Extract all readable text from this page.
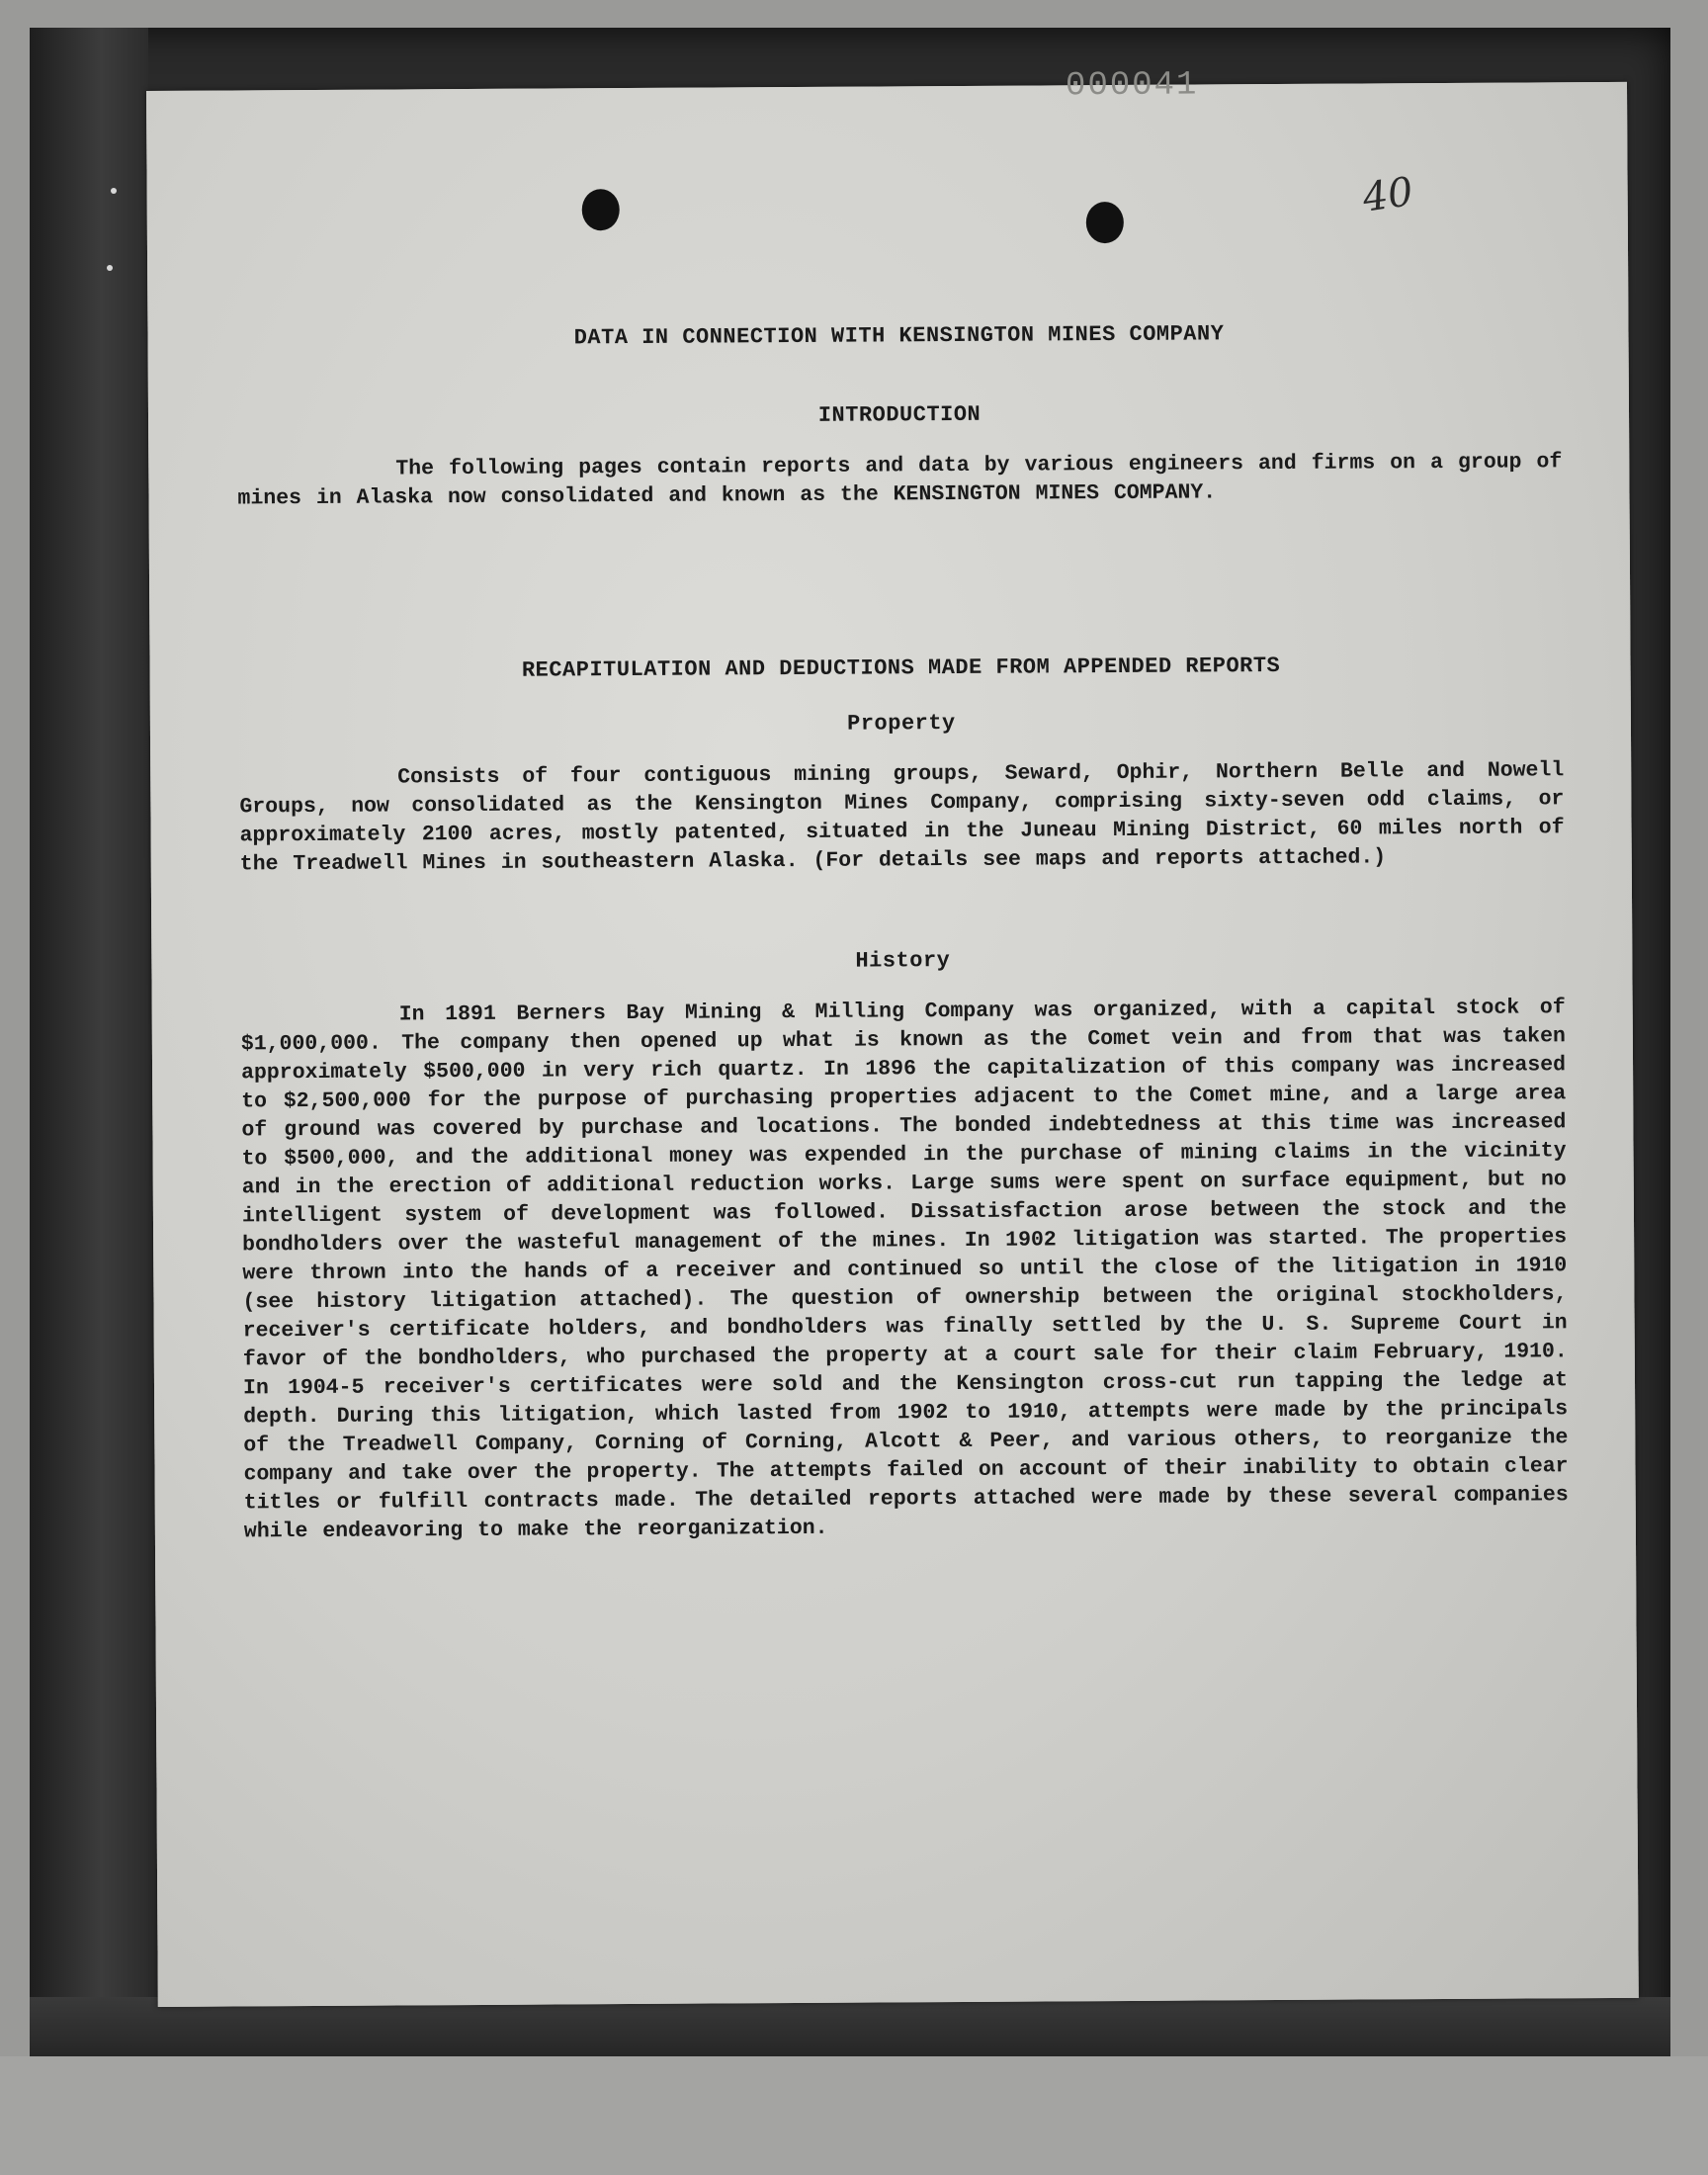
000041
40
DATA IN CONNECTION WITH KENSINGTON MINES COMPANY
INTRODUCTION
The following pages contain reports and data by various engineers and firms on a group of mines in Alaska now consolidated and known as the KENSINGTON MINES COMPANY.
RECAPITULATION AND DEDUCTIONS MADE FROM APPENDED REPORTS
Property
Consists of four contiguous mining groups, Seward, Ophir, Northern Belle and Nowell Groups, now consolidated as the Kensington Mines Company, comprising sixty-seven odd claims, or approximately 2100 acres, mostly patented, situated in the Juneau Mining District, 60 miles north of the Treadwell Mines in southeastern Alaska. (For details see maps and reports attached.)
History
In 1891 Berners Bay Mining & Milling Company was organized, with a capital stock of $1,000,000. The company then opened up what is known as the Comet vein and from that was taken approximately $500,000 in very rich quartz. In 1896 the capitalization of this company was increased to $2,500,000 for the purpose of purchasing properties adjacent to the Comet mine, and a large area of ground was covered by purchase and locations. The bonded indebtedness at this time was increased to $500,000, and the additional money was expended in the purchase of mining claims in the vicinity and in the erection of additional reduction works. Large sums were spent on surface equipment, but no intelligent system of development was followed. Dissatisfaction arose between the stock and the bondholders over the wasteful management of the mines. In 1902 litigation was started. The properties were thrown into the hands of a receiver and continued so until the close of the litigation in 1910 (see history litigation attached). The question of ownership between the original stockholders, receiver's certificate holders, and bondholders was finally settled by the U. S. Supreme Court in favor of the bondholders, who purchased the property at a court sale for their claim February, 1910. In 1904-5 receiver's certificates were sold and the Kensington cross-cut run tapping the ledge at depth. During this litigation, which lasted from 1902 to 1910, attempts were made by the principals of the Treadwell Company, Corning of Corning, Alcott & Peer, and various others, to reorganize the company and take over the property. The attempts failed on account of their inability to obtain clear titles or fulfill contracts made. The detailed reports attached were made by these several companies while endeavoring to make the reorganization.
